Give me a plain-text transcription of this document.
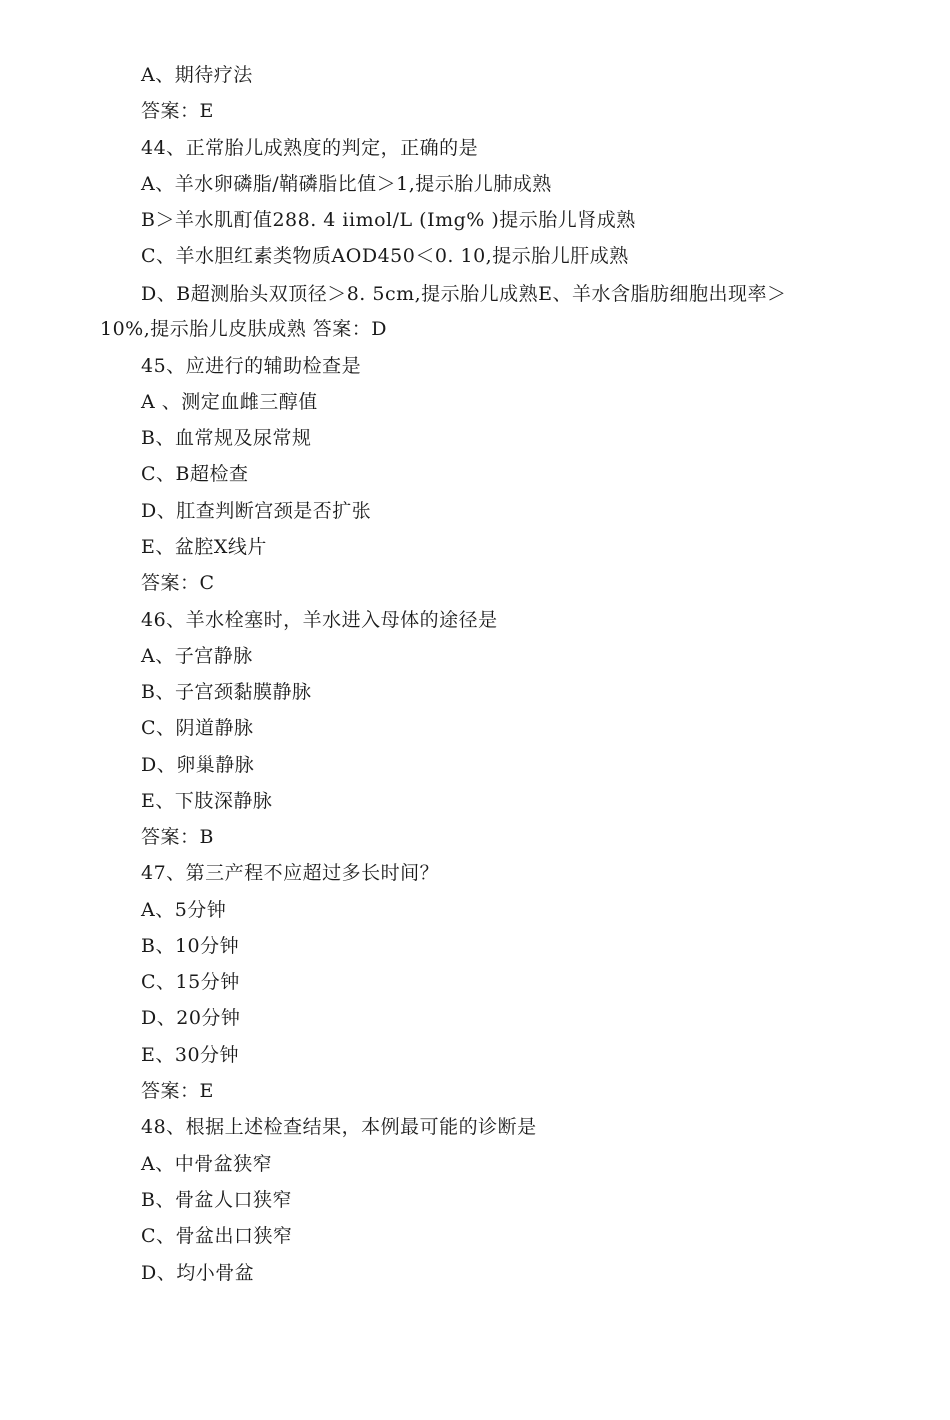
A、期待疗法
答案：E
44、正常胎儿成熟度的判定，正确的是
A、羊水卵磷脂/鞘磷脂比值＞1,提示胎儿肺成熟
B＞羊水肌酊值288. 4 iimol/L (Img% )提示胎儿肾成熟
C、羊水胆红素类物质AOD450＜0. 10,提示胎儿肝成熟
D、B超测胎头双顶径＞8. 5cm,提示胎儿成熟E、羊水含脂肪细胞出现率＞
10%,提示胎儿皮肤成熟 答案：D
45、应进行的辅助检查是
A 、测定血雌三醇值
B、血常规及尿常规
C、B超检查
D、肛查判断宫颈是否扩张
E、盆腔X线片
答案：C
46、羊水栓塞时，羊水进入母体的途径是
A、子宫静脉
B、子宫颈黏膜静脉
C、阴道静脉
D、卵巢静脉
E、下肢深静脉
答案：B
47、第三产程不应超过多长时间？
A、5分钟
B、10分钟
C、15分钟
D、20分钟
E、30分钟
答案：E
48、根据上述检查结果，本例最可能的诊断是
A、中骨盆狭窄
B、骨盆人口狭窄
C、骨盆出口狭窄
D、均小骨盆
